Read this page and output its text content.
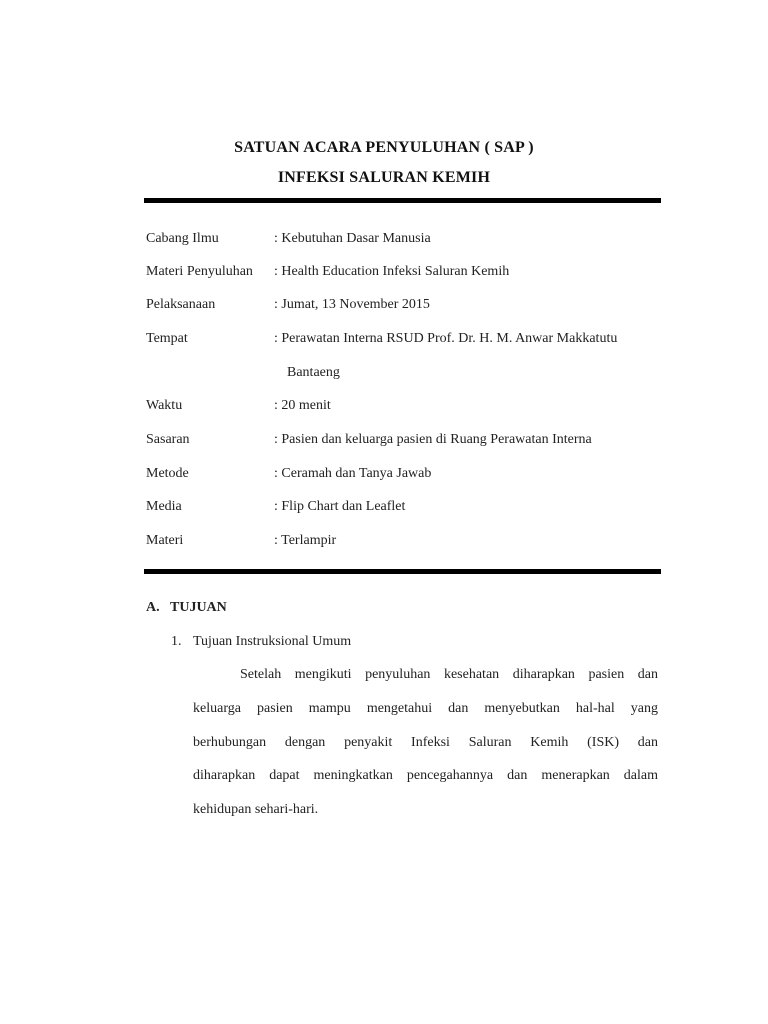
SATUAN ACARA PENYULUHAN ( SAP )
INFEKSI SALURAN KEMIH
Cabang Ilmu	: Kebutuhan Dasar Manusia
Materi Penyuluhan : Health Education Infeksi Saluran Kemih
Pelaksanaan	: Jumat, 13 November 2015
Tempat	: Perawatan Interna RSUD Prof. Dr. H. M. Anwar Makkatutu
Bantaeng
Waktu	: 20 menit
Sasaran	: Pasien dan keluarga pasien di Ruang Perawatan Interna
Metode	: Ceramah dan Tanya Jawab
Media	: Flip Chart dan Leaflet
Materi	: Terlampir
A. TUJUAN
1. Tujuan Instruksional Umum
Setelah mengikuti penyuluhan kesehatan diharapkan pasien dan
keluarga pasien mampu mengetahui dan menyebutkan hal-hal yang
berhubungan dengan penyakit Infeksi Saluran Kemih (ISK) dan
diharapkan dapat meningkatkan pencegahannya dan menerapkan dalam
kehidupan sehari-hari.
